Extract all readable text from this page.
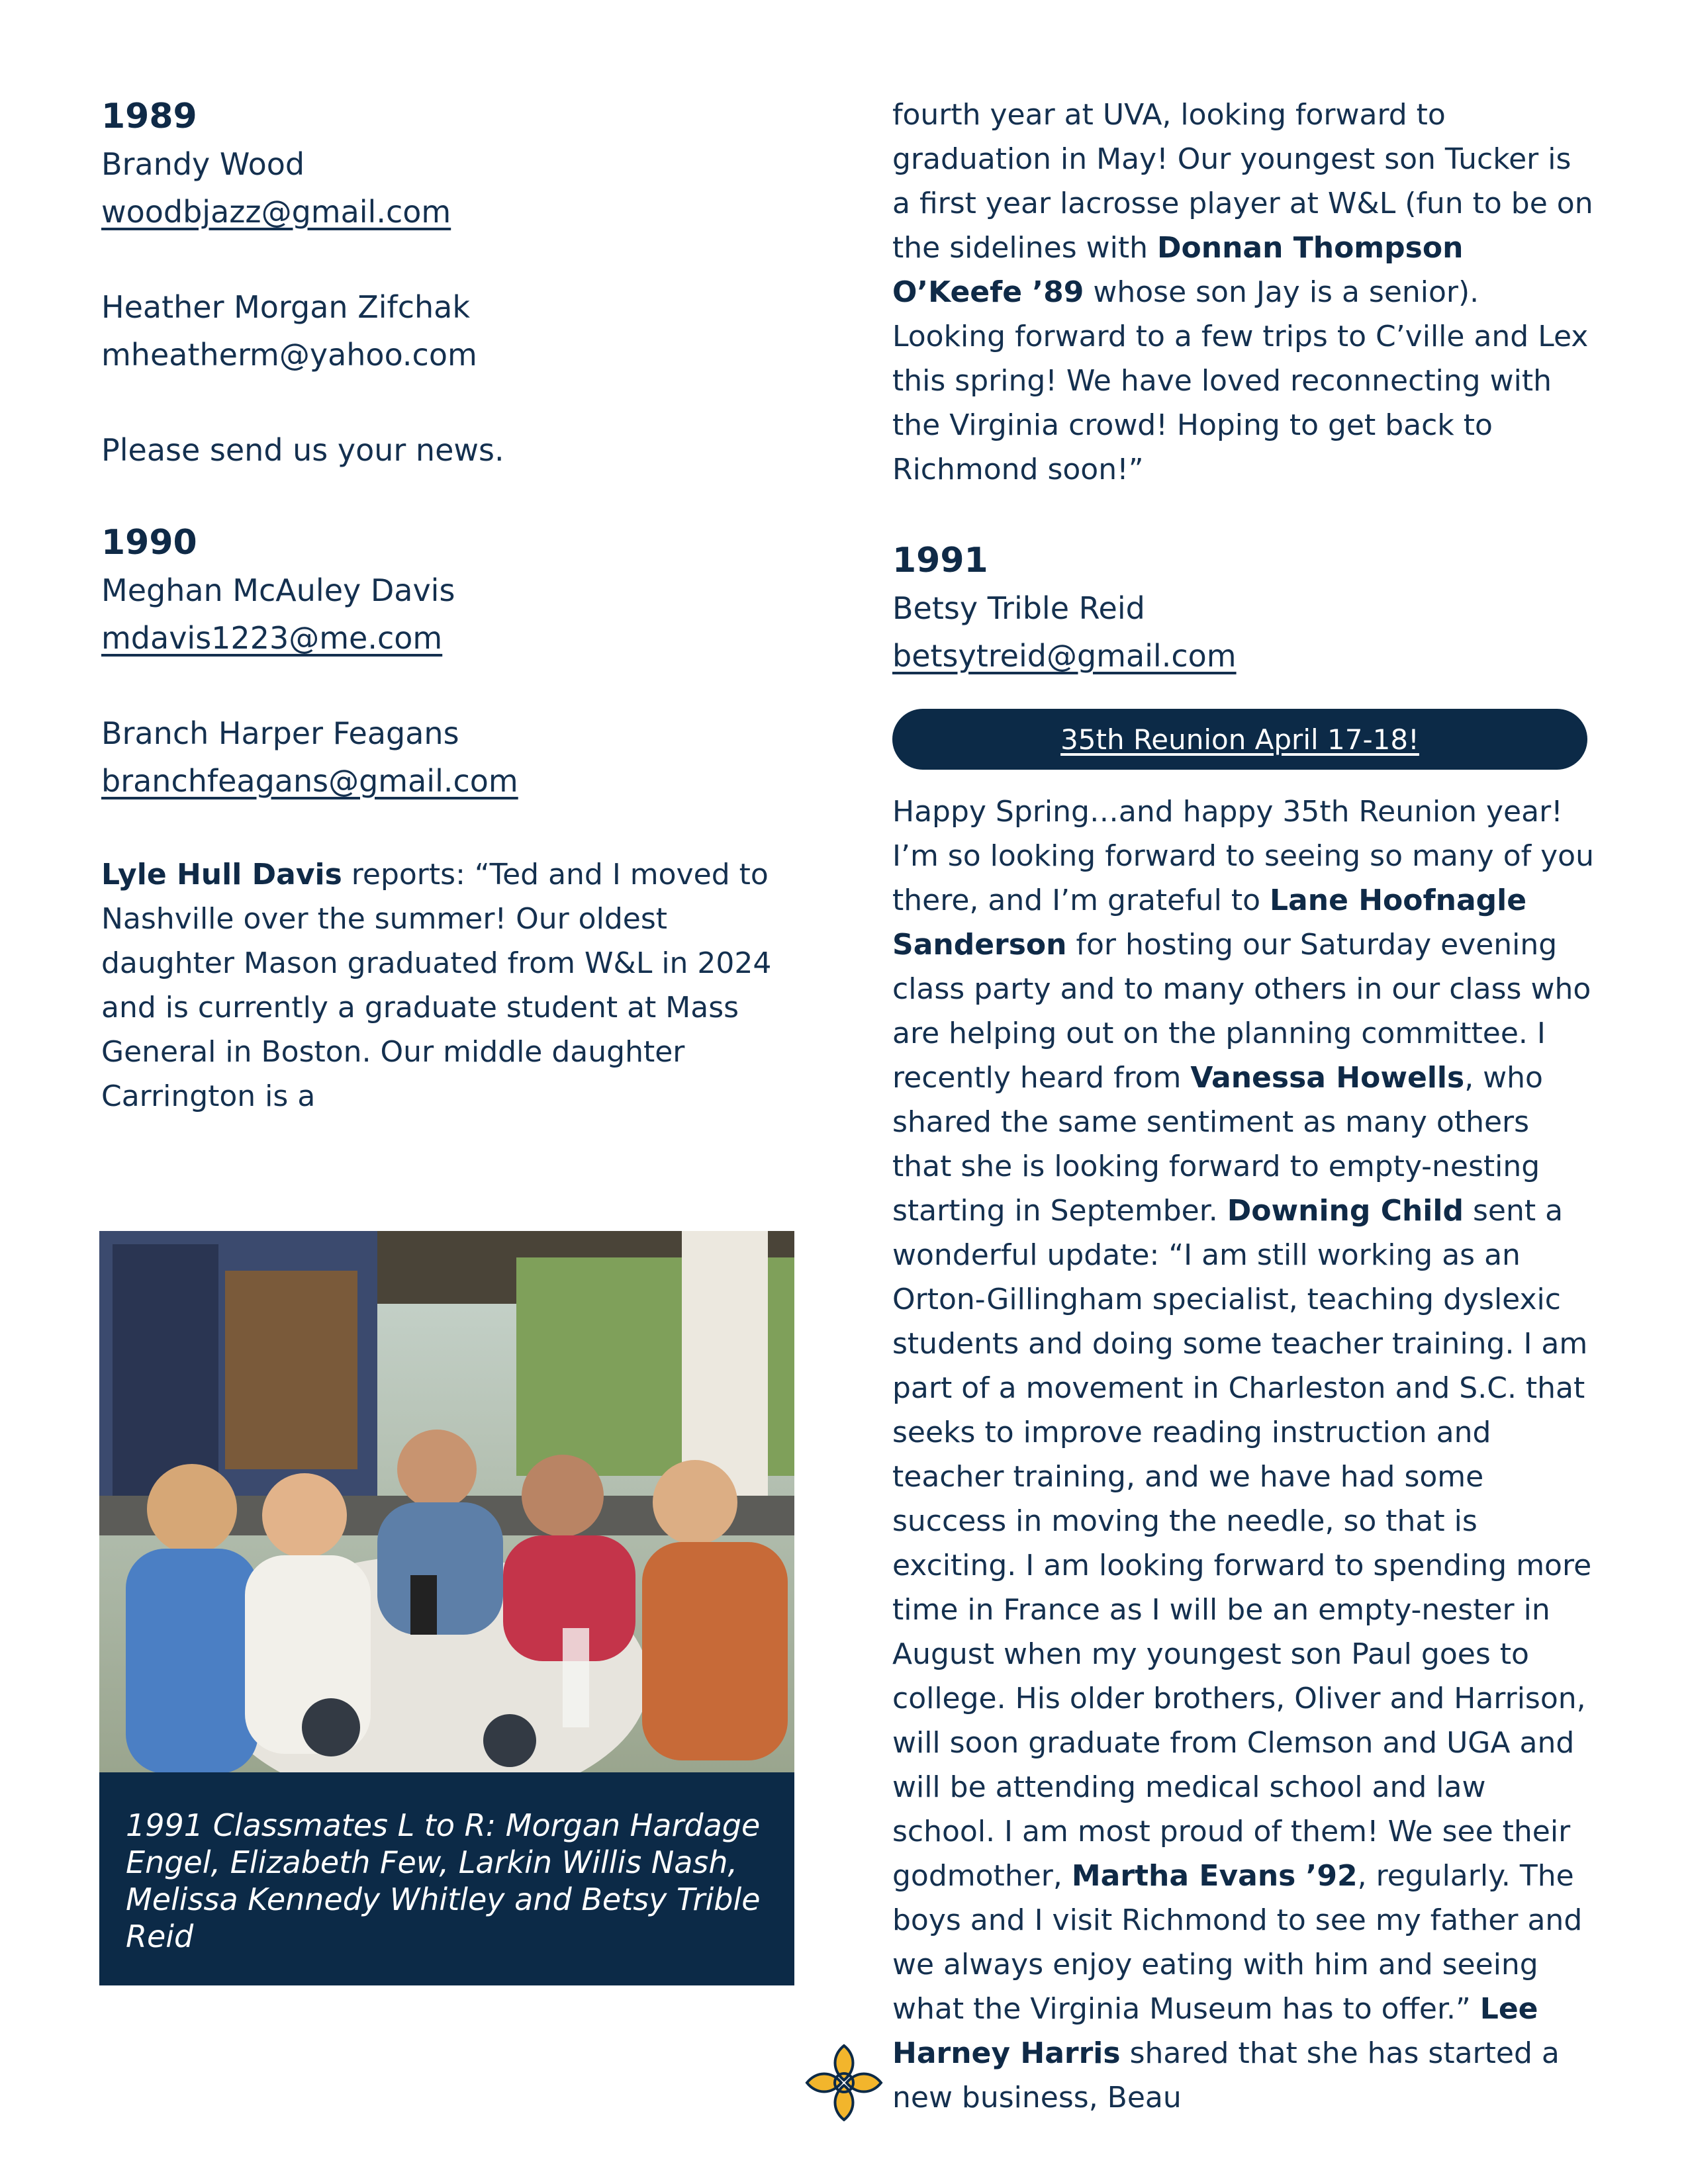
1989

Brandy Wood

woodbjazz@gmail.com

Heather Morgan Zifchak

mheatherm@yahoo.com

Please send us your news.

1990

Meghan McAuley Davis

mdavis1223@me.com

Branch Harper Feagans

branchfeagans@gmail.com

Lyle Hull Davis reports: “Ted and I moved to Nashville over the summer! Our oldest daughter Mason graduated from W&L in 2024 and is currently a graduate student at Mass General in Boston. Our middle daughter Carrington is a

1991 Classmates L to R: Morgan Hardage Engel, Elizabeth Few, Larkin Willis Nash, Melissa Kennedy Whitley and Betsy Trible Reid

fourth year at UVA, looking forward to graduation in May! Our youngest son Tucker is a first year lacrosse player at W&L (fun to be on the sidelines with Donnan Thompson O’Keefe ’89 whose son Jay is a senior). Looking forward to a few trips to C’ville and Lex this spring! We have loved reconnecting with the Virginia crowd! Hoping to get back to Richmond soon!”

1991

Betsy Trible Reid

betsytreid@gmail.com
35th Reunion April 17-18!

Happy Spring…and happy 35th Reunion year! I’m so looking forward to seeing so many of you there, and I’m grateful to Lane Hoofnagle Sanderson for hosting our Saturday evening class party and to many others in our class who are helping out on the planning committee. I recently heard from Vanessa Howells, who shared the same sentiment as many others that she is looking forward to empty-nesting starting in September. Downing Child sent a wonderful update: “I am still working as an Orton-Gillingham specialist, teaching dyslexic students and doing some teacher training. I am part of a movement in Charleston and S.C. that seeks to improve reading instruction and teacher training, and we have had some success in moving the needle, so that is exciting. I am looking forward to spending more time in France as I will be an empty-nester in August when my youngest son Paul goes to college. His older brothers, Oliver and Harrison, will soon graduate from Clemson and UGA and will be attending medical school and law school. I am most proud of them! We see their godmother, Martha Evans ’92, regularly. The boys and I visit Richmond to see my father and we always enjoy eating with him and seeing what the Virginia Museum has to offer.” Lee Harney Harris shared that she has started a new business, Beau
